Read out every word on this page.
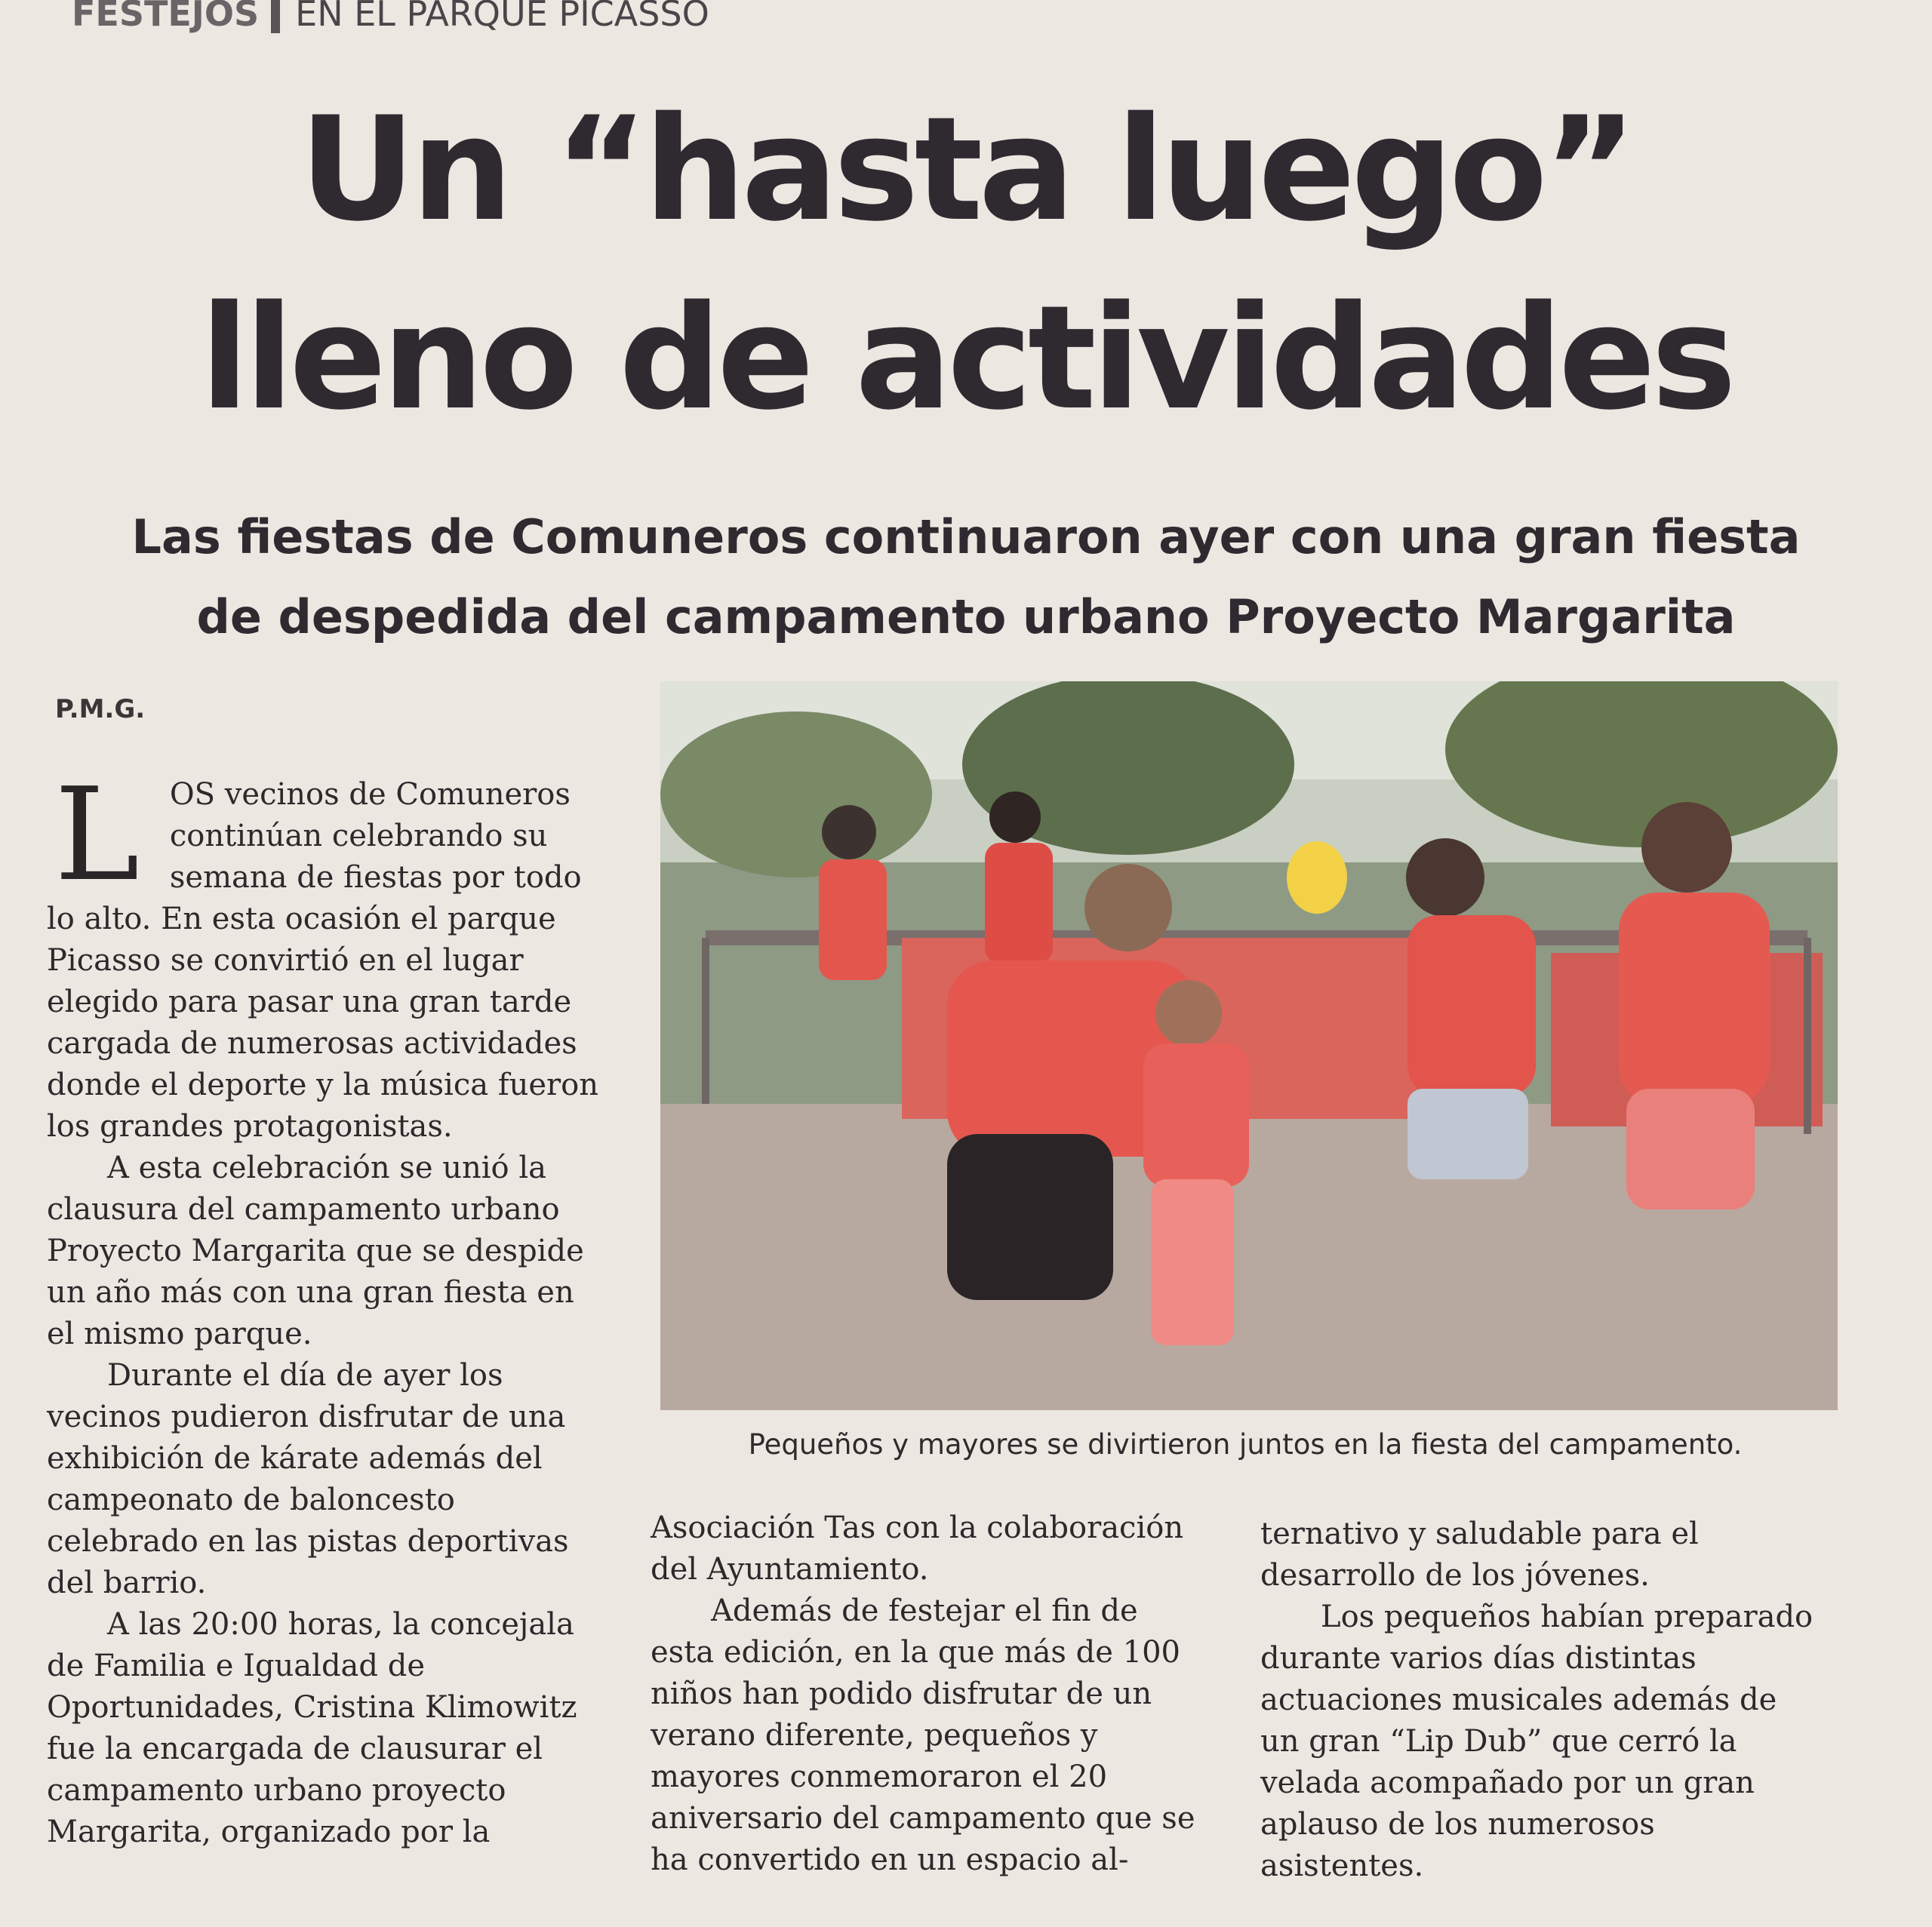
FESTEJOS EN EL PARQUE PICASSO
Un “hasta luego”
lleno de actividades
Las fiestas de Comuneros continuaron ayer con una gran fiesta
de despedida del campamento urbano Proyecto Margarita
P.M.G.

L OS vecinos de Comuneros continúan celebrando su semana de fiestas por todo lo alto. En esta ocasión el parque Picasso se convirtió en el lugar elegido para pasar una gran tarde cargada de numerosas actividades donde el deporte y la música fueron los grandes protagonistas.

A esta celebración se unió la clausura del campamento urbano Proyecto Margarita que se despide un año más con una gran fiesta en el mismo parque.

Durante el día de ayer los vecinos pudieron disfrutar de una exhibición de kárate además del campeonato de baloncesto celebrado en las pistas deportivas del barrio.

A las 20:00 horas, la concejala de Familia e Igualdad de Oportunidades, Cristina Klimowitz fue la encargada de clausurar el campamento urbano proyecto Margarita, organizado por la

Pequeños y mayores se divirtieron juntos en la fiesta del campamento.

Asociación Tas con la colaboración del Ayuntamiento.

Además de festejar el fin de esta edición, en la que más de 100 niños han podido disfrutar de un verano diferente, pequeños y mayores conmemoraron el 20 aniversario del campamento que se ha convertido en un espacio al-

ternativo y saludable para el desarrollo de los jóvenes.

Los pequeños habían preparado durante varios días distintas actuaciones musicales además de un gran “Lip Dub” que cerró la velada acompañado por un gran aplauso de los numerosos asistentes.
